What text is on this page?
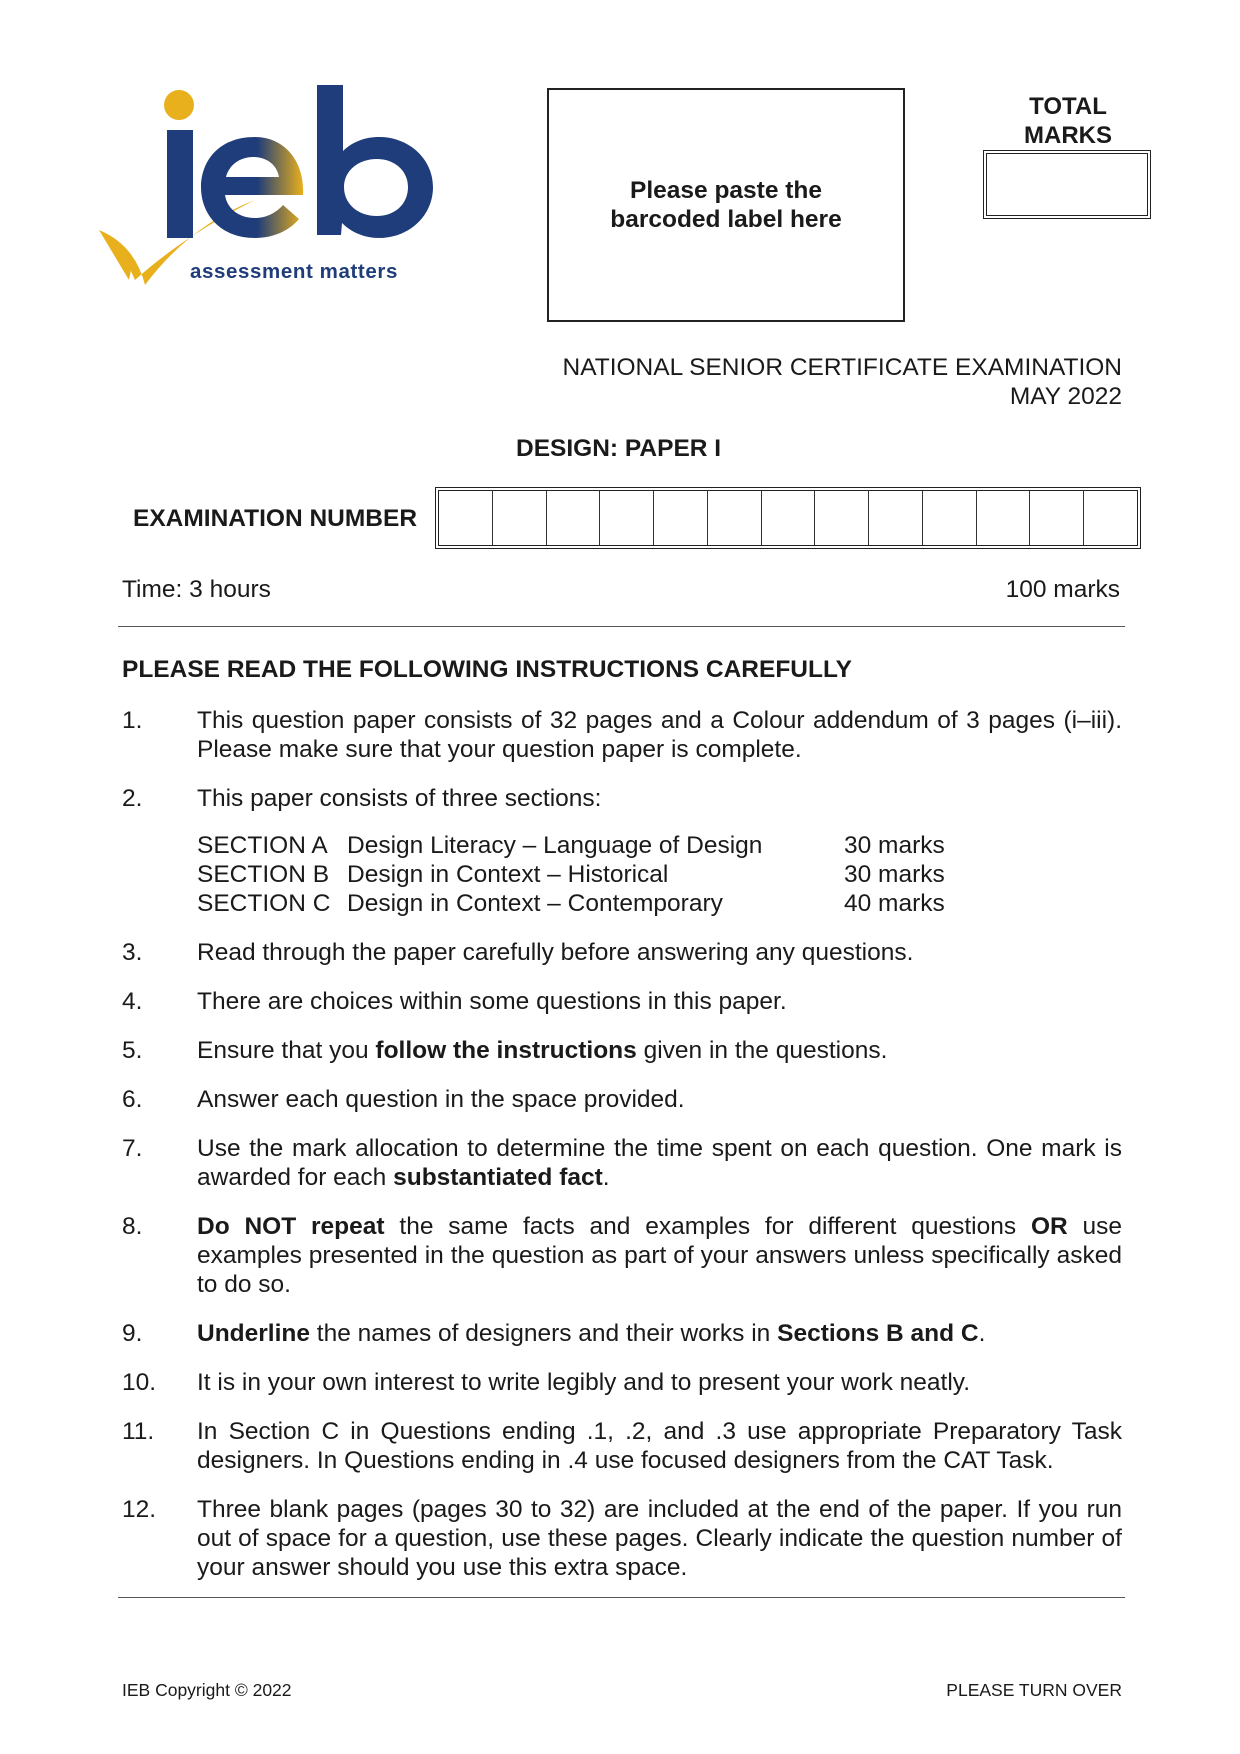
assessment matters
Please paste the barcoded label here
TOTAL
MARKS
NATIONAL SENIOR CERTIFICATE EXAMINATION
MAY 2022
DESIGN: PAPER I
EXAMINATION NUMBER
Time: 3 hours	100 marks
PLEASE READ THE FOLLOWING INSTRUCTIONS CAREFULLY
1. This question paper consists of 32 pages and a Colour addendum of 3 pages (i–iii). Please make sure that your question paper is complete.
2. This paper consists of three sections:
SECTION A Design Literacy – Language of Design	30 marks
SECTION B Design in Context – Historical	30 marks
SECTION C Design in Context – Contemporary	40 marks
3. Read through the paper carefully before answering any questions.
4. There are choices within some questions in this paper.
5. Ensure that you follow the instructions given in the questions.
6. Answer each question in the space provided.
7. Use the mark allocation to determine the time spent on each question. One mark is awarded for each substantiated fact.
8. Do NOT repeat the same facts and examples for different questions OR use examples presented in the question as part of your answers unless specifically asked to do so.
9. Underline the names of designers and their works in Sections B and C.
10. It is in your own interest to write legibly and to present your work neatly.
11. In Section C in Questions ending .1, .2, and .3 use appropriate Preparatory Task designers. In Questions ending in .4 use focused designers from the CAT Task.
12. Three blank pages (pages 30 to 32) are included at the end of the paper. If you run out of space for a question, use these pages. Clearly indicate the question number of your answer should you use this extra space.
IEB Copyright © 2022	PLEASE TURN OVER
